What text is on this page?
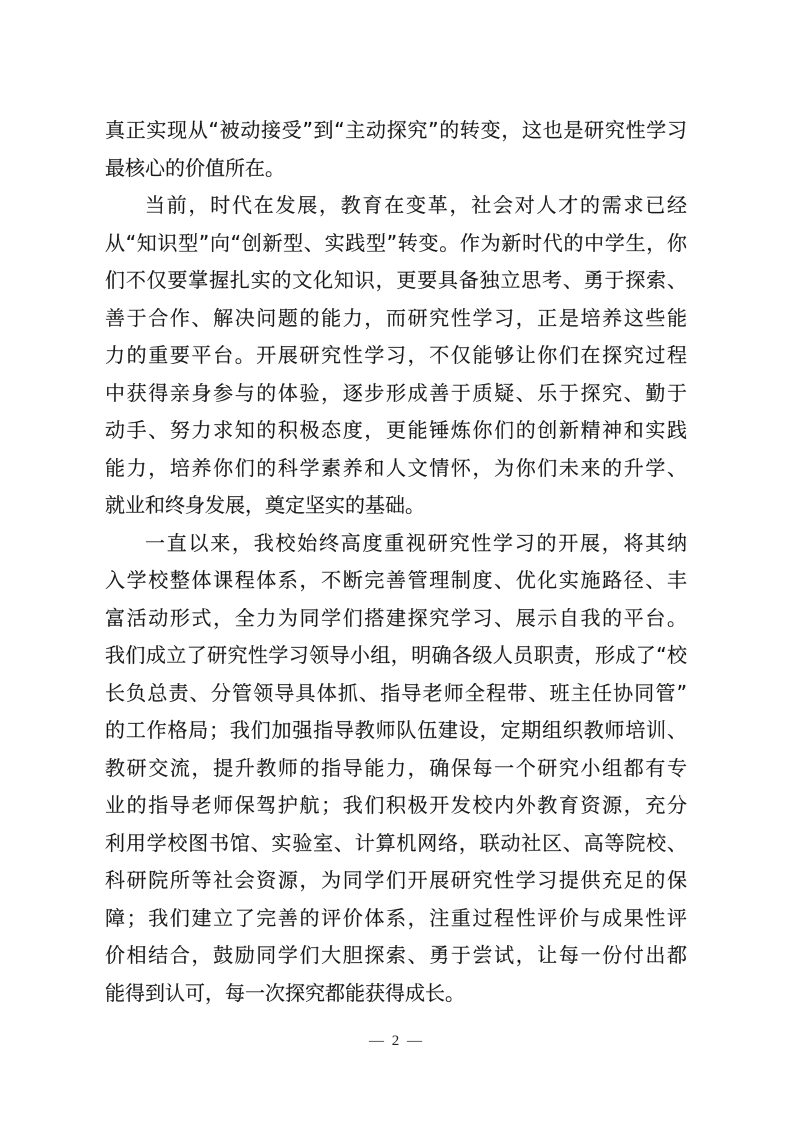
真正实现从“被动接受”到“主动探究”的转变，这也是研究性学习
最核心的价值所在。
当前，时代在发展，教育在变革，社会对人才的需求已经
从“知识型”向“创新型、实践型”转变。作为新时代的中学生，你
们不仅要掌握扎实的文化知识，更要具备独立思考、勇于探索、
善于合作、解决问题的能力，而研究性学习，正是培养这些能
力的重要平台。开展研究性学习，不仅能够让你们在探究过程
中获得亲身参与的体验，逐步形成善于质疑、乐于探究、勤于
动手、努力求知的积极态度，更能锤炼你们的创新精神和实践
能力，培养你们的科学素养和人文情怀，为你们未来的升学、
就业和终身发展，奠定坚实的基础。
一直以来，我校始终高度重视研究性学习的开展，将其纳
入学校整体课程体系，不断完善管理制度、优化实施路径、丰
富活动形式，全力为同学们搭建探究学习、展示自我的平台。
我们成立了研究性学习领导小组，明确各级人员职责，形成了“校
长负总责、分管领导具体抓、指导老师全程带、班主任协同管”
的工作格局；我们加强指导教师队伍建设，定期组织教师培训、
教研交流，提升教师的指导能力，确保每一个研究小组都有专
业的指导老师保驾护航；我们积极开发校内外教育资源，充分
利用学校图书馆、实验室、计算机网络，联动社区、高等院校、
科研院所等社会资源，为同学们开展研究性学习提供充足的保
障；我们建立了完善的评价体系，注重过程性评价与成果性评
价相结合，鼓励同学们大胆探索、勇于尝试，让每一份付出都
能得到认可，每一次探究都能获得成长。
— 2 —
